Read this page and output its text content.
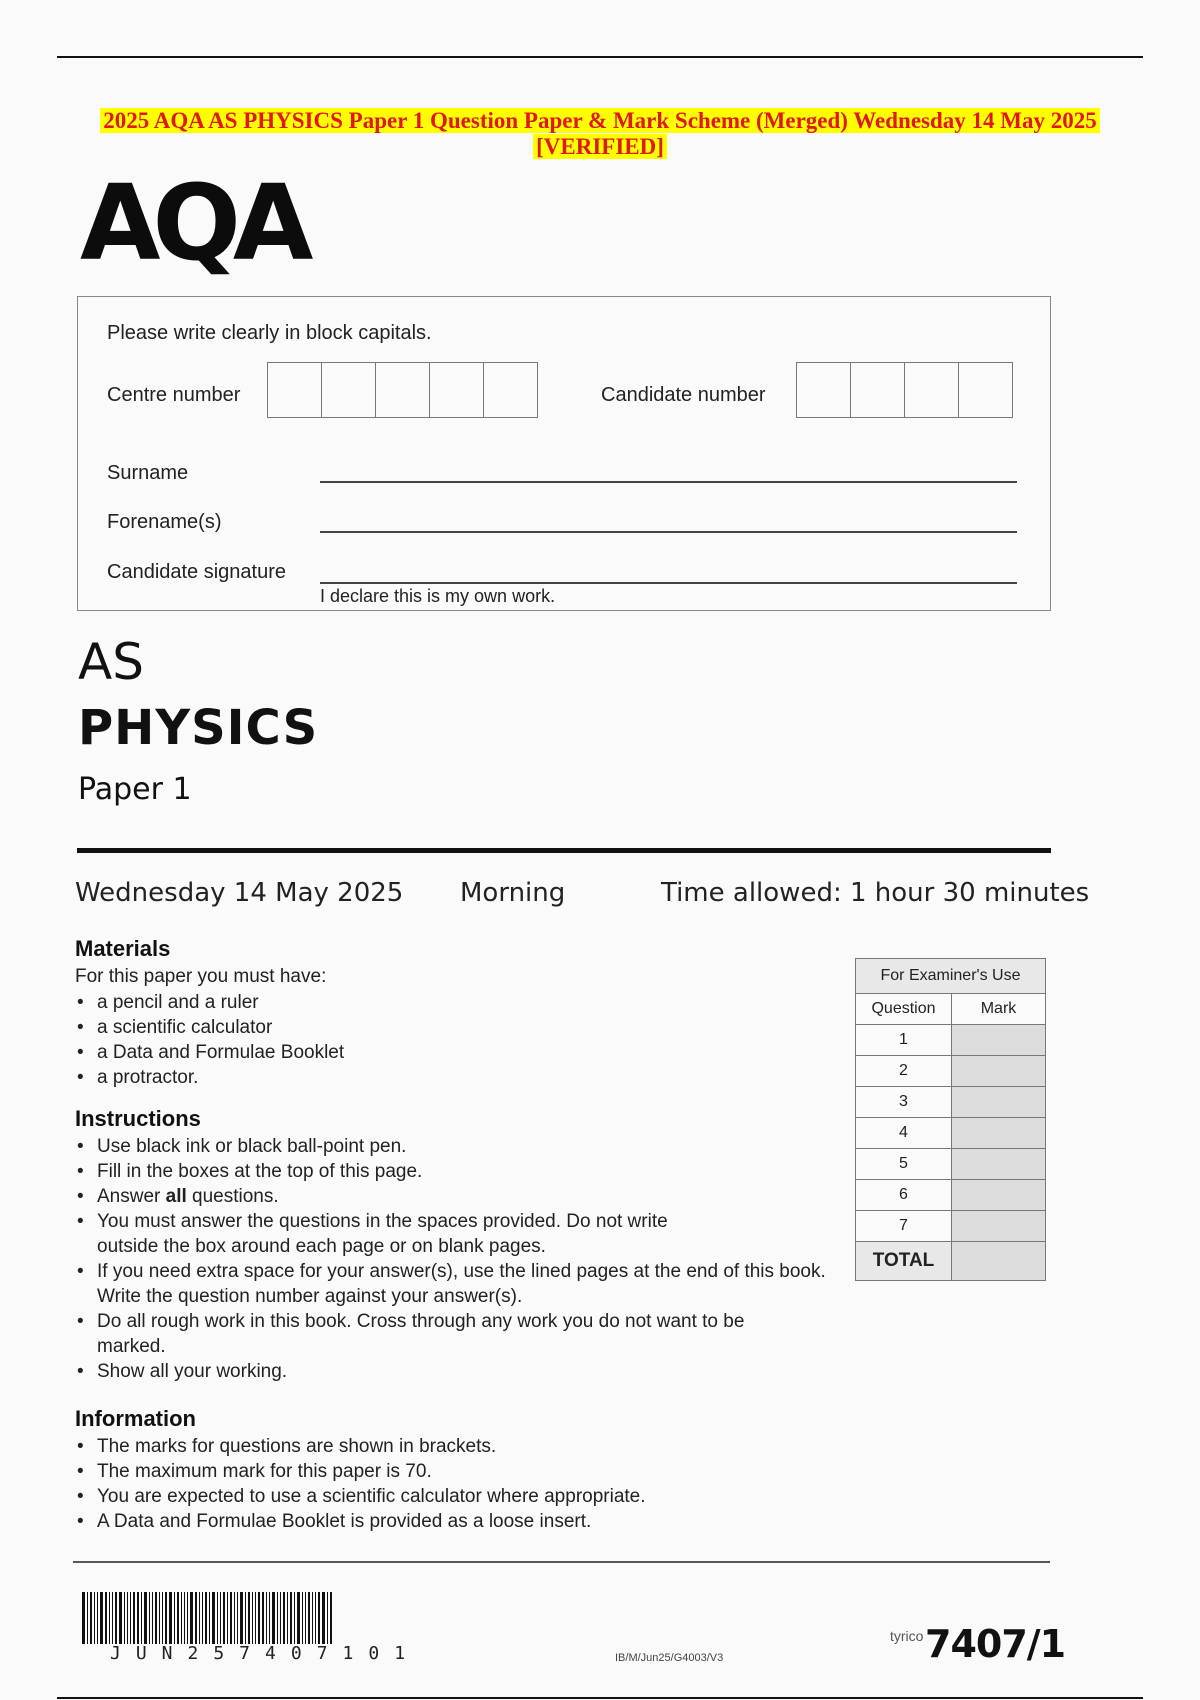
2025 AQA AS PHYSICS Paper 1 Question Paper & Mark Scheme (Merged) Wednesday 14 May 2025
[VERIFIED]
AQA
Please write clearly in block capitals.
Centre number	Candidate number
Surname
Forename(s)
Candidate signature
I declare this is my own work.
AS
PHYSICS
Paper 1
Wednesday 14 May 2025 Morning	Time allowed: 1 hour 30 minutes
Materials
For this paper you must have:
• a pencil and a ruler
• a scientific calculator
• a Data and Formulae Booklet
• a protractor.
Instructions
• Use black ink or black ball-point pen.
• Fill in the boxes at the top of this page.
• Answer all questions.
• You must answer the questions in the spaces provided. Do not write outside the box around each page or on blank pages.
• If you need extra space for your answer(s), use the lined pages at the end of this book. Write the question number against your answer(s).
• Do all rough work in this book. Cross through any work you do not want to be marked.
• Show all your working.
Information
• The marks for questions are shown in brackets.
• The maximum mark for this paper is 70.
• You are expected to use a scientific calculator where appropriate.
• A Data and Formulae Booklet is provided as a loose insert.
For Examiner's Use	
Question	Mark
1	
2	
3	
4	
5	
6	
7	
TOTAL	
JUN257407101	IB/M/Jun25/G4003/V3
tyrico 7407/1
